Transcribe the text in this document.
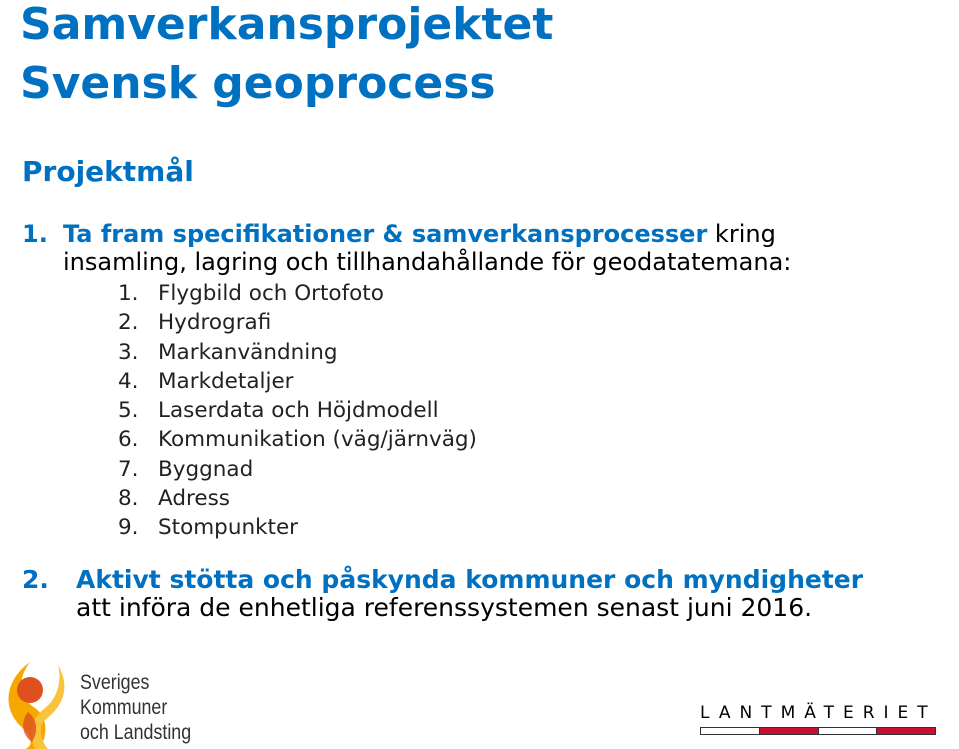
Samverkansprojektet
Svensk geoprocess
Projektmål
1. Ta fram specifikationer & samverkansprocesser kring
insamling, lagring och tillhandahållande för geodatatemana:
1. Flygbild och Ortofoto
2. Hydrografi
3. Markanvändning
4. Markdetaljer
5. Laserdata och Höjdmodell
6. Kommunikation (väg/järnväg)
7. Byggnad
8. Adress
9. Stompunkter
2. Aktivt stötta och påskynda kommuner och myndigheter
att införa de enhetliga referenssystemen senast juni 2016.
Sveriges
Kommuner
och Landsting
LANTMÄTERIET
